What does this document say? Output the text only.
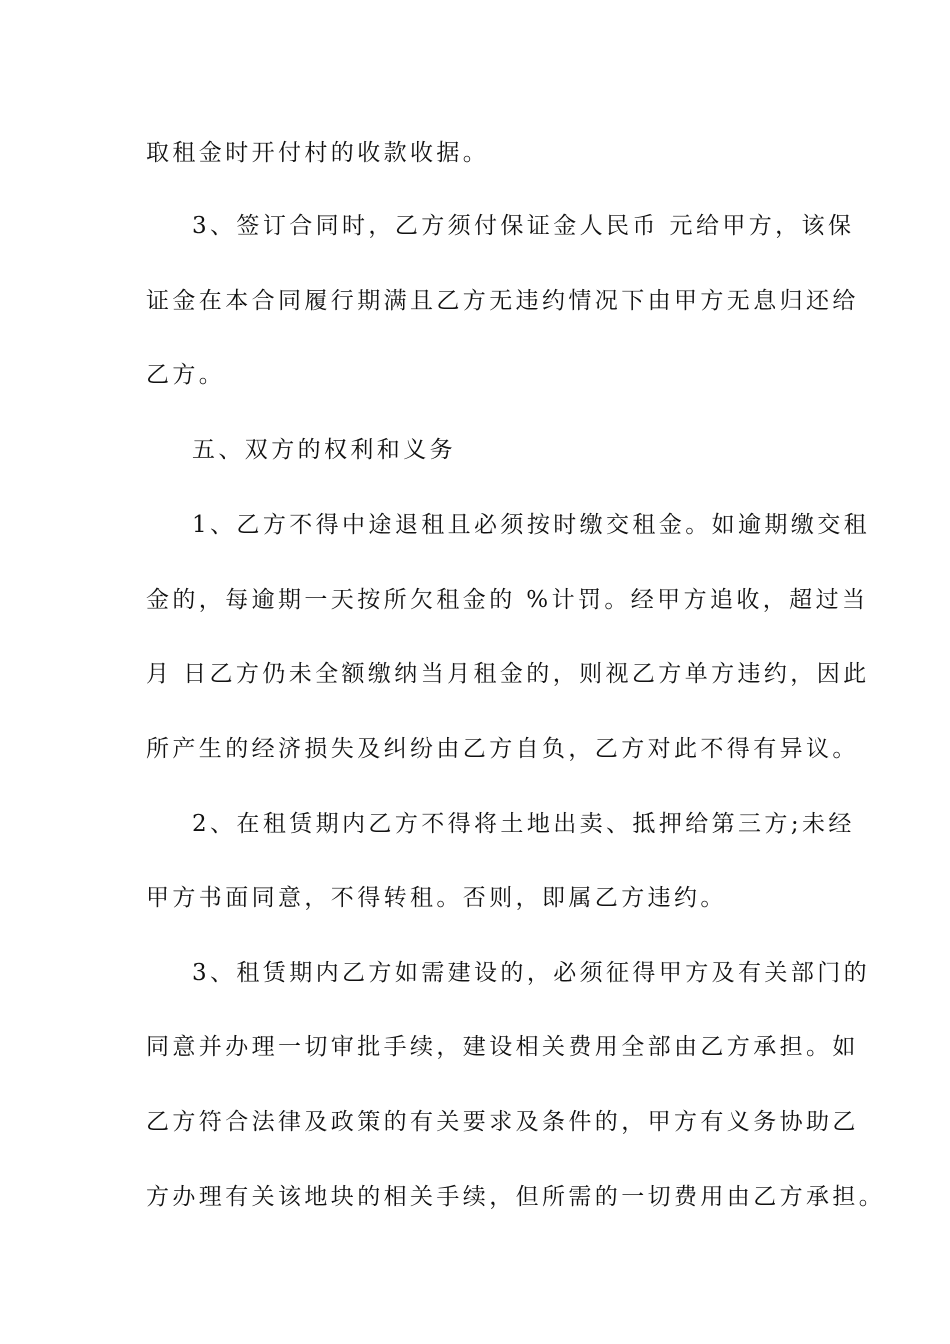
取租金时开付村的收款收据。
3、签订合同时，乙方须付保证金人民币 元给甲方，该保
证金在本合同履行期满且乙方无违约情况下由甲方无息归还给
乙方。
五、双方的权利和义务
1、乙方不得中途退租且必须按时缴交租金。如逾期缴交租
金的，每逾期一天按所欠租金的 %计罚。经甲方追收，超过当
月 日乙方仍未全额缴纳当月租金的，则视乙方单方违约，因此
所产生的经济损失及纠纷由乙方自负，乙方对此不得有异议。
2、在租赁期内乙方不得将土地出卖、抵押给第三方;未经
甲方书面同意，不得转租。否则，即属乙方违约。
3、租赁期内乙方如需建设的，必须征得甲方及有关部门的
同意并办理一切审批手续，建设相关费用全部由乙方承担。如
乙方符合法律及政策的有关要求及条件的，甲方有义务协助乙
方办理有关该地块的相关手续，但所需的一切费用由乙方承担。
